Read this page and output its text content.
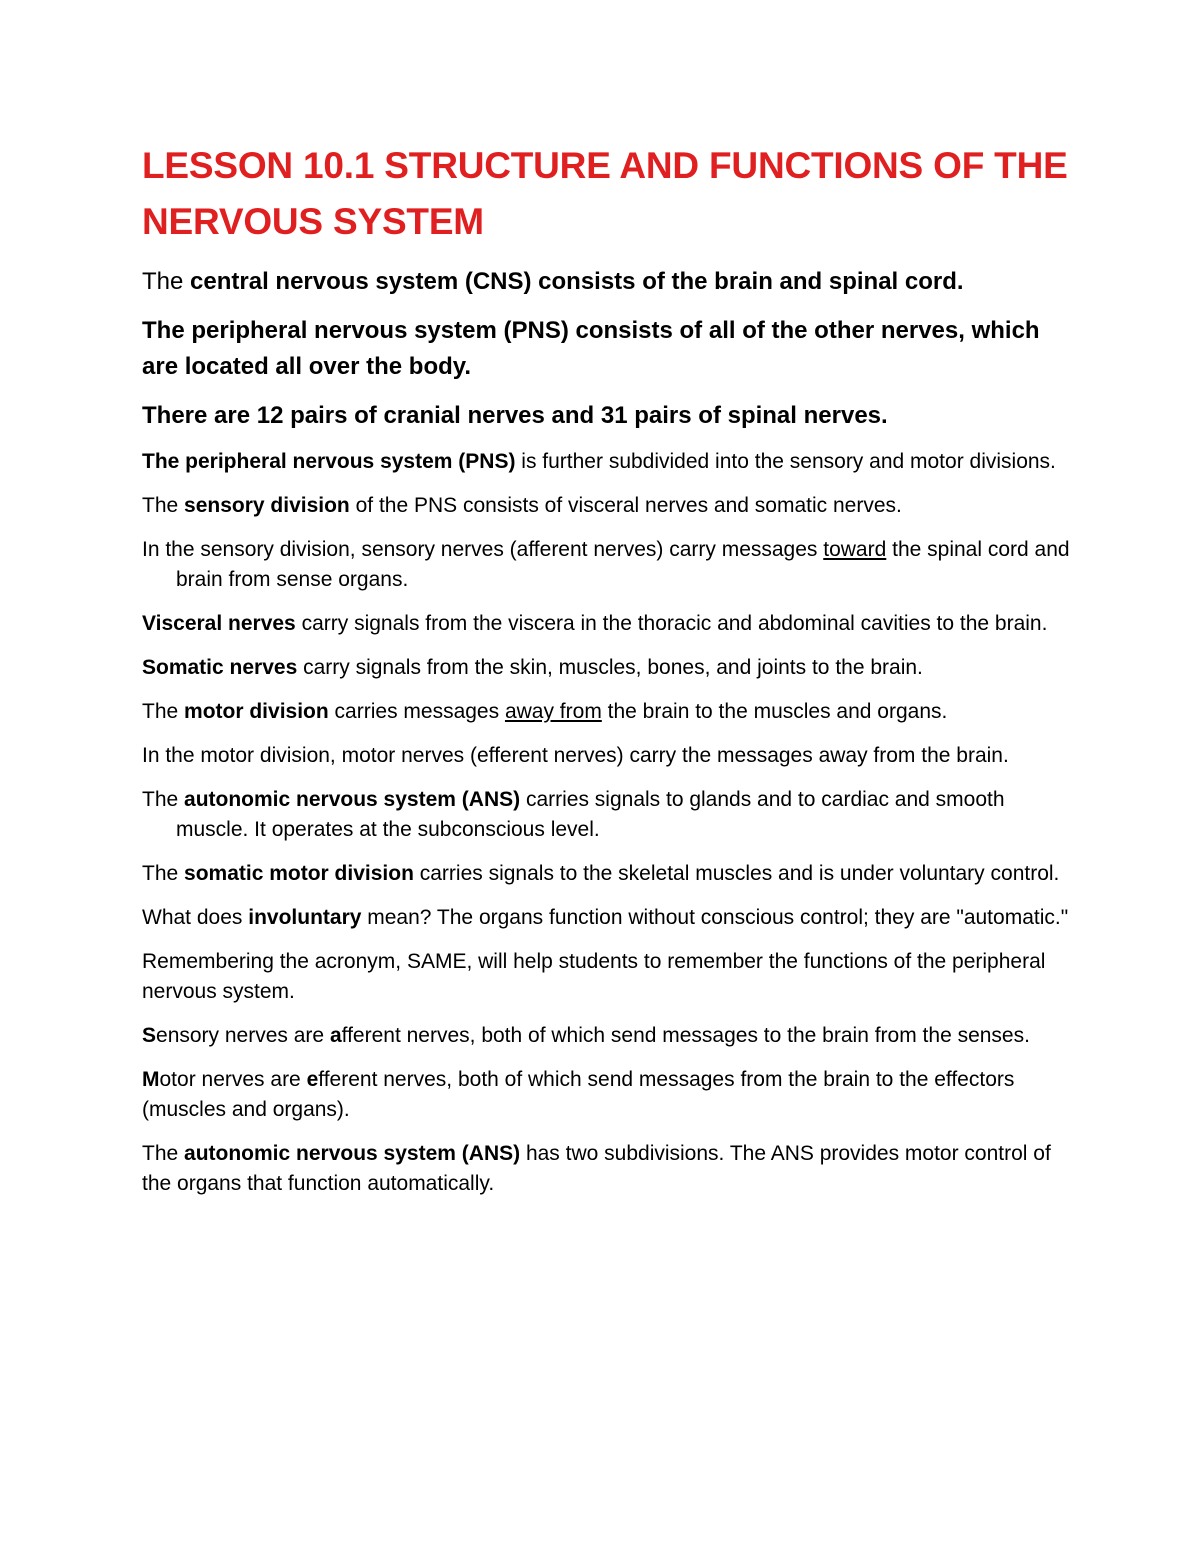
LESSON 10.1 STRUCTURE AND FUNCTIONS OF THE NERVOUS SYSTEM

The central nervous system (CNS) consists of the brain and spinal cord.

The peripheral nervous system (PNS) consists of all of the other nerves, which are located all over the body.

There are 12 pairs of cranial nerves and 31 pairs of spinal nerves.

The peripheral nervous system (PNS) is further subdivided into the sensory and motor divisions.

The sensory division of the PNS consists of visceral nerves and somatic nerves.

In the sensory division, sensory nerves (afferent nerves) carry messages toward the spinal cord and brain from sense organs.

Visceral nerves carry signals from the viscera in the thoracic and abdominal cavities to the brain.

Somatic nerves carry signals from the skin, muscles, bones, and joints to the brain.

The motor division carries messages away from the brain to the muscles and organs.

In the motor division, motor nerves (efferent nerves) carry the messages away from the brain.

The autonomic nervous system (ANS) carries signals to glands and to cardiac and smooth muscle. It operates at the subconscious level.

The somatic motor division carries signals to the skeletal muscles and is under voluntary control.

What does involuntary mean? The organs function without conscious control; they are "automatic."

Remembering the acronym, SAME, will help students to remember the functions of the peripheral nervous system.

Sensory nerves are afferent nerves, both of which send messages to the brain from the senses.

Motor nerves are efferent nerves, both of which send messages from the brain to the effectors (muscles and organs).

The autonomic nervous system (ANS) has two subdivisions. The ANS provides motor control of the organs that function automatically.
